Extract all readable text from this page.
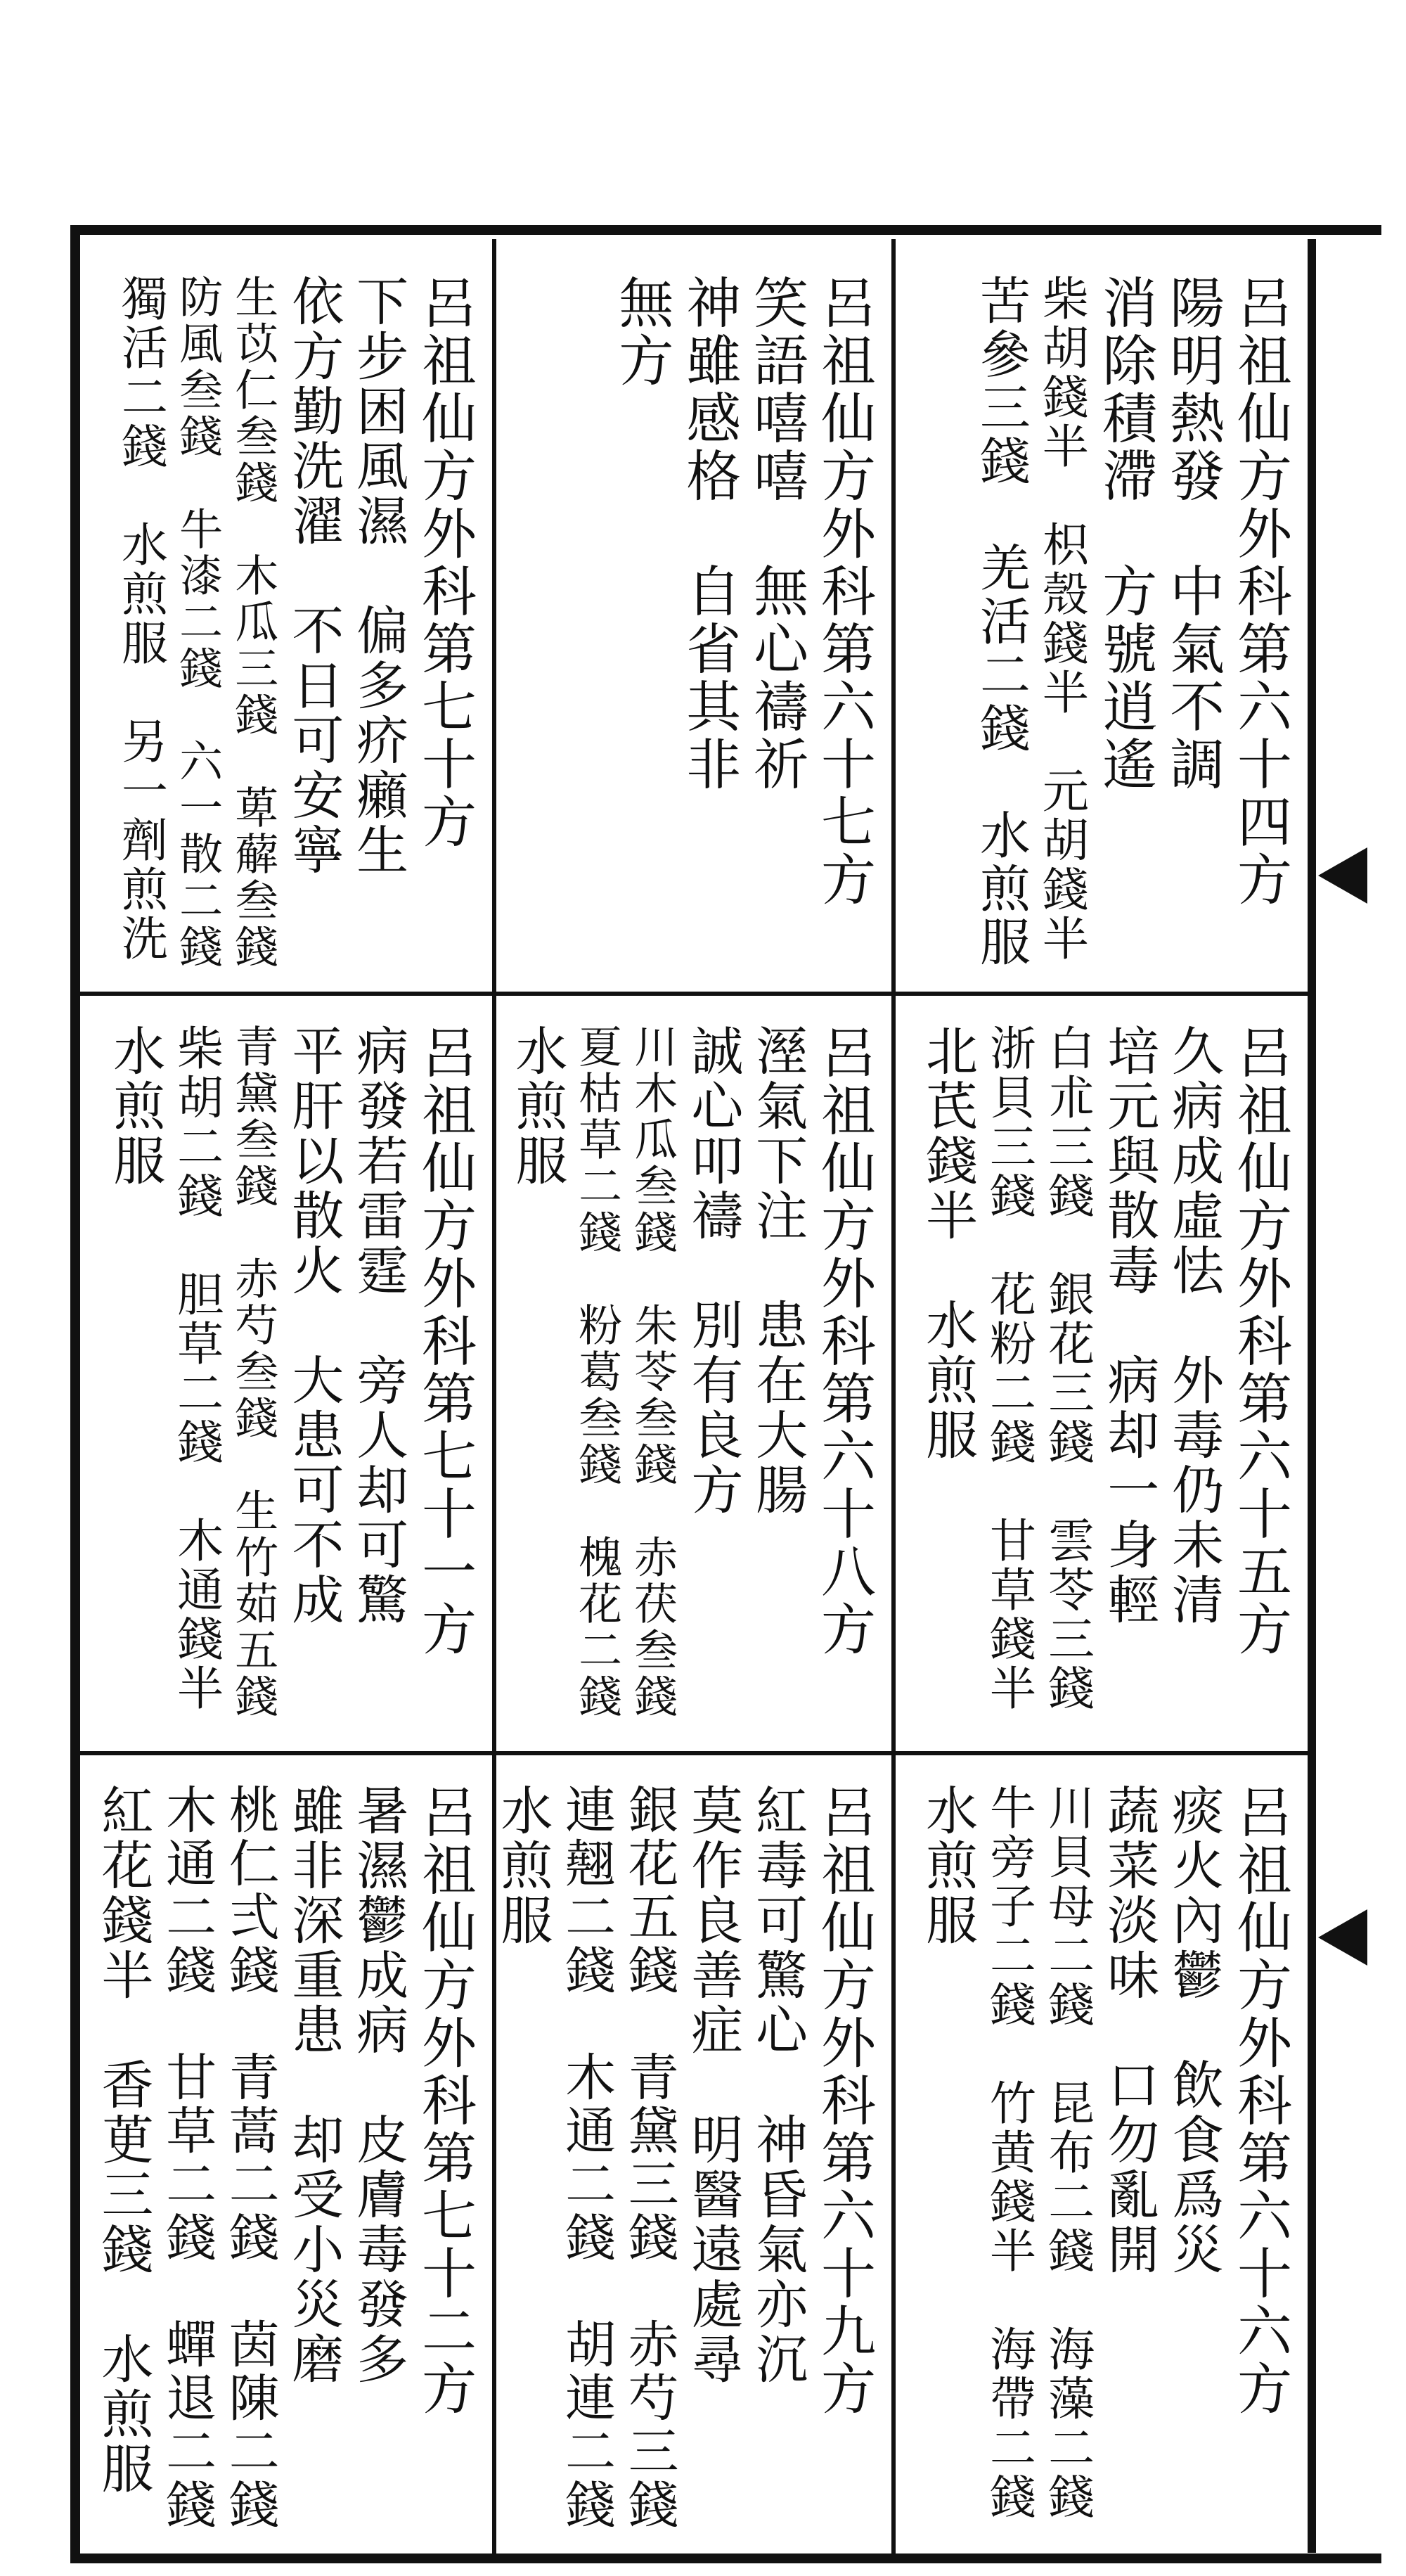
呂祖仙方外科第六十四方
陽明熱發　中氣不調
消除積滯　方號逍遙
柴胡錢半　枳殼錢半　元胡錢半
苦參三錢　羌活二錢　水煎服
呂祖仙方外科第六十七方
笑語嘻嘻　無心禱祈
神雖感格　自省其非
無方
呂祖仙方外科第七十方
下步困風濕　偏多疥癩生
依方勤洗濯　不日可安寧
生苡仁叁錢　木瓜三錢　萆薢叁錢
防風叁錢　牛漆二錢　六一散二錢
獨活二錢　水煎服　另一劑煎洗
呂祖仙方外科第六十五方
久病成虛怯　外毒仍未清
培元與散毒　病却一身輕
白朮三錢　銀花三錢　雲苓三錢
浙貝三錢　花粉二錢　甘草錢半
北芪錢半　水煎服
呂祖仙方外科第六十八方
溼氣下注　患在大腸
誠心叩禱　別有良方
川木瓜叁錢　朱苓叁錢　赤茯叁錢
夏枯草二錢　粉葛叁錢　槐花二錢
水煎服
呂祖仙方外科第七十一方
病發若雷霆　旁人却可驚
平肝以散火　大患可不成
青黛叁錢　赤芍叁錢　生竹茹五錢
柴胡二錢　胆草二錢　木通錢半
水煎服
呂祖仙方外科第六十六方
痰火內鬱　飲食爲災
蔬菜淡味　口勿亂開
川貝母二錢　昆布二錢　海藻二錢
牛旁子二錢　竹黄錢半　海帶二錢
水煎服
呂祖仙方外科第六十九方
紅毒可驚心　神昏氣亦沉
莫作良善症　明醫遠處尋
銀花五錢　青黛三錢　赤芍三錢
連翹二錢　木通二錢　胡連二錢
水煎服
呂祖仙方外科第七十二方
暑濕鬱成病　皮膚毒發多
雖非深重患　却受小災磨
桃仁弍錢　青蒿二錢　茵陳二錢
木通二錢　甘草二錢　蟬退二錢
紅花錢半　香茰三錢　水煎服
